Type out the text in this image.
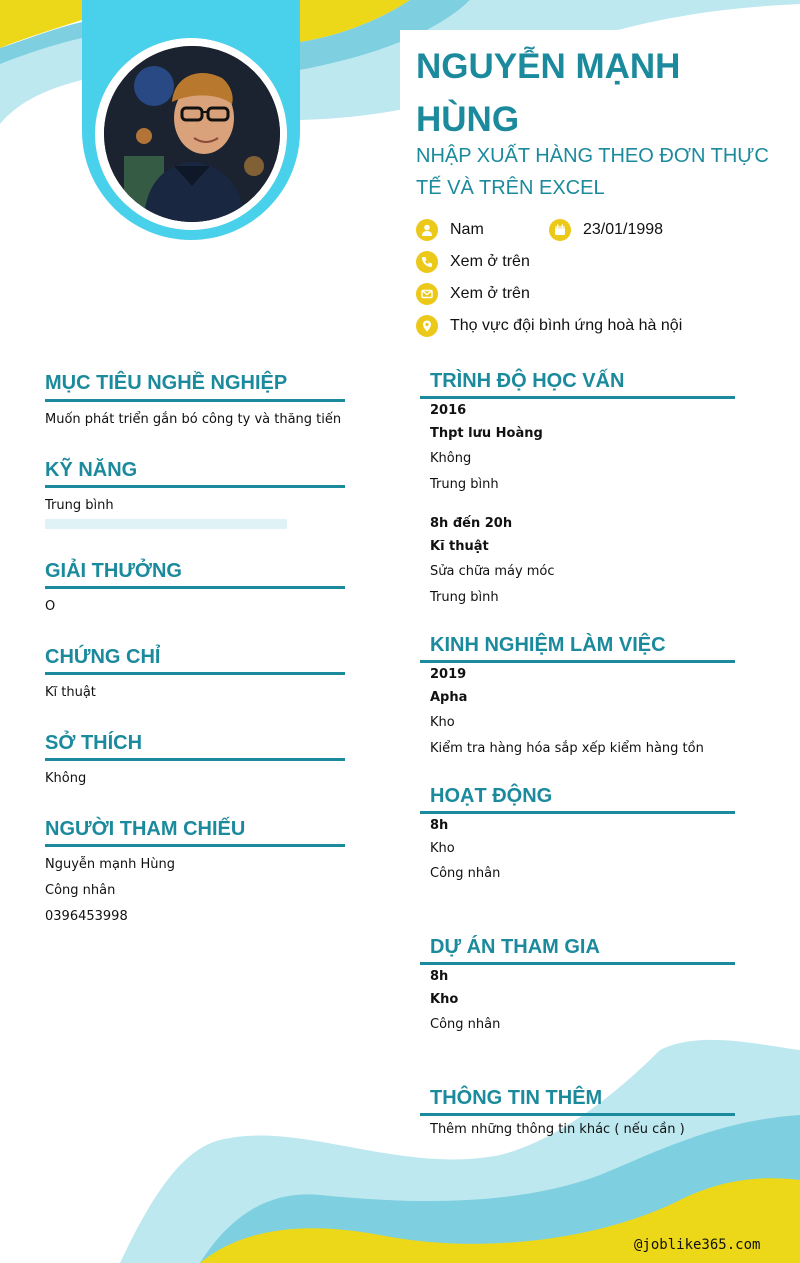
NGUYỄN MẠNH HÙNG
NHẬP XUẤT HÀNG THEO ĐƠN THỰC TẾ VÀ TRÊN EXCEL
Nam	23/01/1998
Xem ở trên
Xem ở trên
Thọ vực đội bình ứng hoà hà nội
MỤC TIÊU NGHỀ NGHIỆP
Muốn phát triển gắn bó công ty và thăng tiến
KỸ NĂNG
Trung bình
GIẢI THƯỞNG
O
CHỨNG CHỈ
Kĩ thuật
SỞ THÍCH
Không
NGƯỜI THAM CHIẾU
Nguyễn mạnh Hùng
Công nhân
0396453998
TRÌNH ĐỘ HỌC VẤN
2016
Thpt lưu Hoàng
Không
Trung bình
8h đến 20h
Kĩ thuật
Sửa chữa máy móc
Trung bình
KINH NGHIỆM LÀM VIỆC
2019
Apha
Kho
Kiểm tra hàng hóa sắp xếp kiểm hàng tồn
HOẠT ĐỘNG
8h
Kho
Công nhân
DỰ ÁN THAM GIA
8h
Kho
Công nhân
THÔNG TIN THÊM
Thêm những thông tin khác ( nếu cần )
@joblike365.com
